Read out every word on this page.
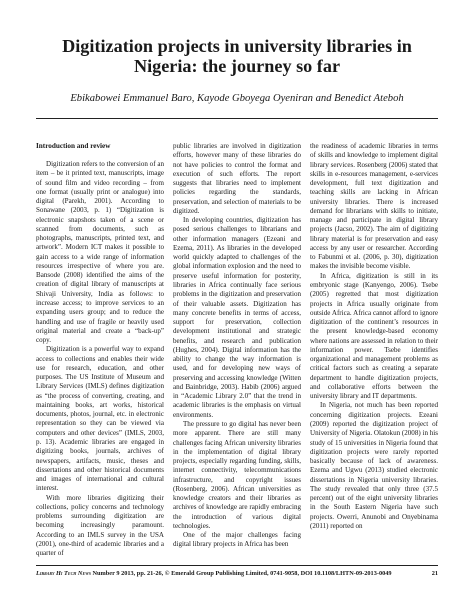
Digitization projects in university libraries in

Nigeria: the journey so far

Ebikabowei Emmanuel Baro, Kayode Gboyega Oyeniran and Benedict Ateboh
Introduction and review

Digitization refers to the conversion of an item – be it printed text, manuscripts, image of sound film and video recording – from one format (usually print or analogue) into digital (Parekh, 2001). According to Sonawane (2003, p. 1) “Digitization is electronic snapshots taken of a scene or scanned from documents, such as photographs, manuscripts, printed text, and artwork”. Modern ICT makes it possible to gain access to a wide range of information resources irrespective of where you are. Bansode (2008) identified the aims of the creation of digital library of manuscripts at Shivaji University, India as follows: to increase access; to improve services to an expanding users group; and to reduce the handling and use of fragile or heavily used original material and create a “back-up” copy.

Digitization is a powerful way to expand access to collections and enables their wide use for research, education, and other purposes. The US Institute of Museum and Library Services (IMLS) defines digitization as “the process of converting, creating, and maintaining books, art works, historical documents, photos, journal, etc. in electronic representation so they can be viewed via computers and other devices” (IMLS, 2003, p. 13). Academic libraries are engaged in digitizing books, journals, archives of newspapers, artifacts, music, theses and dissertations and other historical documents and images of international and cultural interest.

With more libraries digitizing their collections, policy concerns and technology problems surrounding digitization are becoming increasingly paramount. According to an IMLS survey in the USA (2001), one-third of academic libraries and a quarter of

public libraries are involved in digitization efforts, however many of these libraries do not have policies to control the format and execution of such efforts. The report suggests that libraries need to implement policies regarding the standards, preservation, and selection of materials to be digitized.

In developing countries, digitization has posed serious challenges to librarians and other information managers (Ezeani and Ezema, 2011). As libraries in the developed world quickly adapted to challenges of the global information explosion and the need to preserve useful information for posterity, libraries in Africa continually face serious problems in the digitization and preservation of their valuable assets. Digitization has many concrete benefits in terms of access, support for preservation, collection development institutional and strategic benefits, and research and publication (Hughes, 2004). Digital information has the ability to change the way information is used, and for developing new ways of preserving and accessing knowledge (Witten and Bainbridge, 2003). Habib (2006) argued in “Academic Library 2.0” that the trend in academic libraries is the emphasis on virtual environments.

The pressure to go digital has never been more apparent. There are still many challenges facing African university libraries in the implementation of digital library projects, especially regarding funding, skills, internet connectivity, telecommunications infrastructure, and copyright issues (Rosenberg, 2006). African universities as knowledge creators and their libraries as archives of knowledge are rapidly embracing the introduction of various digital technologies.

One of the major challenges facing digital library projects in Africa has been

the readiness of academic libraries in terms of skills and knowledge to implement digital library services. Rosenberg (2006) stated that skills in e-resources management, e-services development, full text digitization and teaching skills are lacking in African university libraries. There is increased demand for librarians with skills to initiate, manage and participate in digital library projects (Jacso, 2002). The aim of digitizing library material is for preservation and easy access by any user or researcher. According to Fabunmi et al. (2006, p. 30), digitization makes the invisible become visible.

In Africa, digitization is still in its embryonic stage (Kanyengo, 2006). Tsebe (2005) regretted that most digitization projects in Africa usually originate from outside Africa. Africa cannot afford to ignore digitization of the continent’s resources in the present knowledge-based economy where nations are assessed in relation to their information power. Tsebe identifies organizational and management problems as critical factors such as creating a separate department to handle digitization projects, and collaborative efforts between the university library and IT departments.

In Nigeria, not much has been reported concerning digitization projects. Ezeani (2009) reported the digitization project of University of Nigeria. Olatokun (2008) in his study of 15 universities in Nigeria found that digitization projects were rarely reported basically because of lack of awareness. Ezema and Ugwu (2013) studied electronic dissertations in Nigeria university libraries. The study revealed that only three (37.5 percent) out of the eight university libraries in the South Eastern Nigeria have such projects. Owerri, Anunobi and Onyebinama (2011) reported on

Library Hi Tech News Number 9 2013, pp. 21-26, © Emerald Group Publishing Limited, 0741-9058, DOI 10.1108/LHTN-09-2013-0049	21
